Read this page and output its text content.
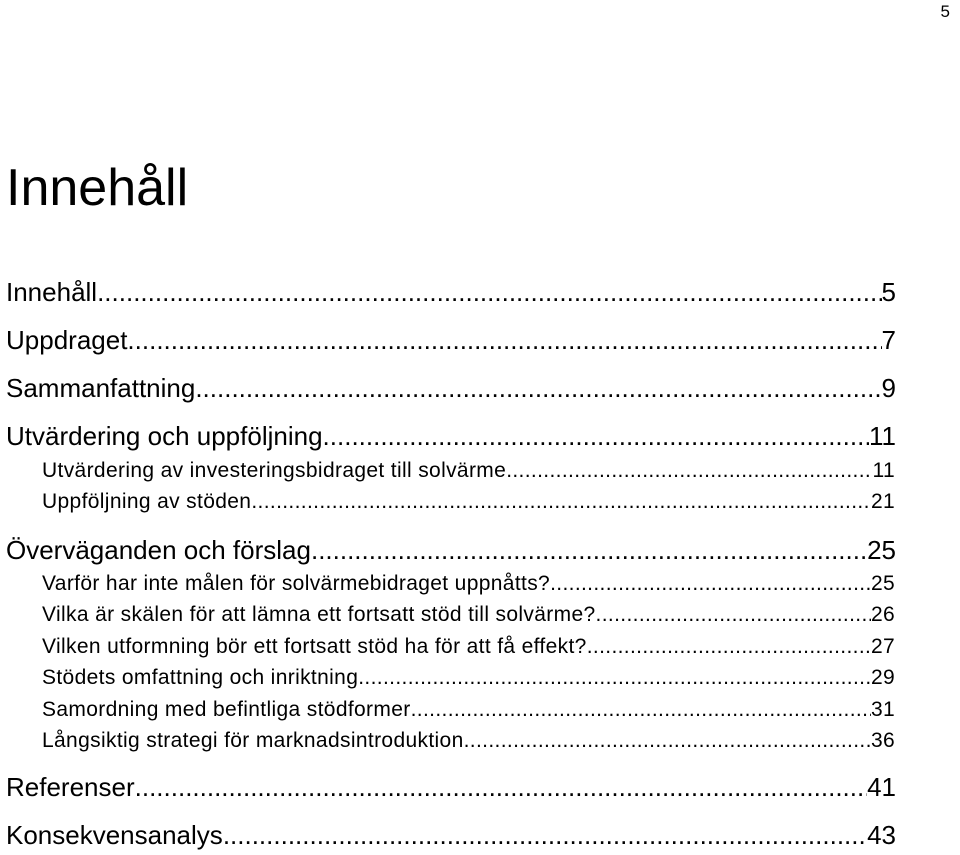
5
Innehåll
Innehåll .....	5
Uppdraget .....	7
Sammanfattning .....	9
Utvärdering och uppföljning .....	11
Utvärdering av investeringsbidraget till solvärme .....	11
Uppföljning av stöden .....	21
Överväganden och förslag .....	25
Varför har inte målen för solvärmebidraget uppnåtts? .....	25
Vilka är skälen för att lämna ett fortsatt stöd till solvärme? .....	26
Vilken utformning bör ett fortsatt stöd ha för att få effekt? .....	27
Stödets omfattning och inriktning .....	29
Samordning med befintliga stödformer .....	31
Långsiktig strategi för marknadsintroduktion .....	36
Referenser .....	41
Konsekvensanalys .....	43
